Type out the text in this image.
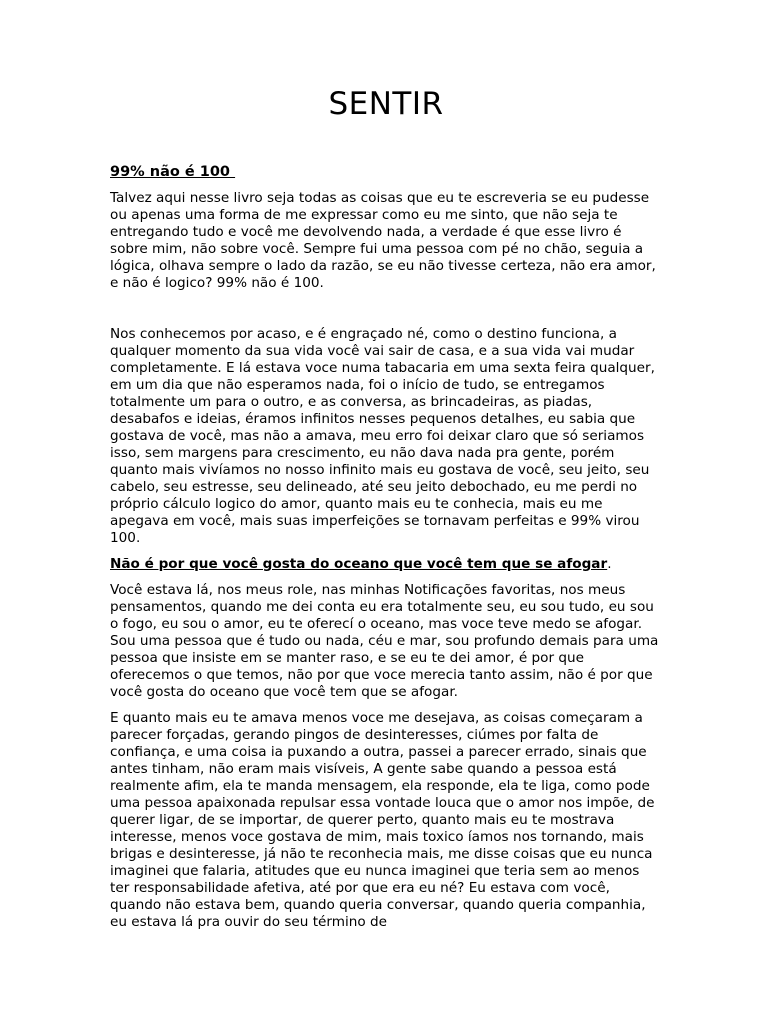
SENTIR
99% não é 100

Talvez aqui nesse livro seja todas as coisas que eu te escreveria se eu pudesse ou apenas uma forma de me expressar como eu me sinto, que não seja te entregando tudo e você me devolvendo nada, a verdade é que esse livro é sobre mim, não sobre você. Sempre fui uma pessoa com pé no chão, seguia a lógica, olhava sempre o lado da razão, se eu não tivesse certeza, não era amor, e não é logico? 99% não é 100.

Nos conhecemos por acaso, e é engraçado né, como o destino funciona, a qualquer momento da sua vida você vai sair de casa, e a sua vida vai mudar completamente. E lá estava voce numa tabacaria em uma sexta feira qualquer, em um dia que não esperamos nada, foi o início de tudo, se entregamos totalmente um para o outro, e as conversa, as brincadeiras, as piadas, desabafos e ideias, éramos infinitos nesses pequenos detalhes, eu sabia que gostava de você, mas não a amava, meu erro foi deixar claro que só seriamos isso, sem margens para crescimento, eu não dava nada pra gente, porém quanto mais vivíamos no nosso infinito mais eu gostava de você, seu jeito, seu cabelo, seu estresse, seu delineado, até seu jeito debochado, eu me perdi no próprio cálculo logico do amor, quanto mais eu te conhecia, mais eu me apegava em você, mais suas imperfeições se tornavam perfeitas e 99% virou 100.

Não é por que você gosta do oceano que você tem que se afogar.

Você estava lá, nos meus role, nas minhas Notificações favoritas, nos meus pensamentos, quando me dei conta eu era totalmente seu, eu sou tudo, eu sou o fogo, eu sou o amor, eu te oferecí o oceano, mas voce teve medo se afogar. Sou uma pessoa que é tudo ou nada, céu e mar, sou profundo demais para uma pessoa que insiste em se manter raso, e se eu te dei amor, é por que oferecemos o que temos, não por que voce merecia tanto assim, não é por que você gosta do oceano que você tem que se afogar.

E quanto mais eu te amava menos voce me desejava, as coisas começaram a parecer forçadas, gerando pingos de desinteresses, ciúmes por falta de confiança, e uma coisa ia puxando a outra, passei a parecer errado, sinais que antes tinham, não eram mais visíveis, A gente sabe quando a pessoa está realmente afim, ela te manda mensagem, ela responde, ela te liga, como pode uma pessoa apaixonada repulsar essa vontade louca que o amor nos impõe, de querer ligar, de se importar, de querer perto, quanto mais eu te mostrava interesse, menos voce gostava de mim, mais toxico íamos nos tornando, mais brigas e desinteresse, já não te reconhecia mais, me disse coisas que eu nunca imaginei que falaria, atitudes que eu nunca imaginei que teria sem ao menos ter responsabilidade afetiva, até por que era eu né? Eu estava com você, quando não estava bem, quando queria conversar, quando queria companhia, eu estava lá pra ouvir do seu término de
